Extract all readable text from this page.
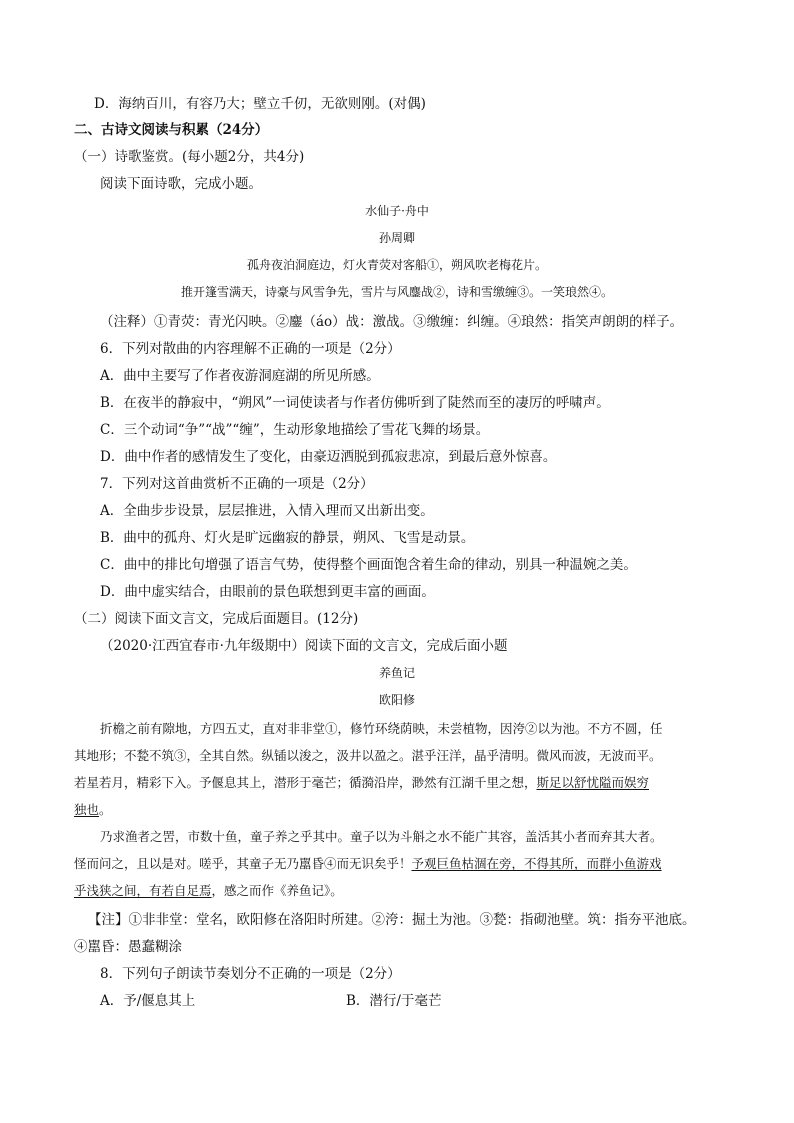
D．海纳百川，有容乃大；壁立千仞，无欲则刚。(对偶)
二、古诗文阅读与积累（24分）
（一）诗歌鉴赏。(每小题2分，共4分)
阅读下面诗歌，完成小题。
水仙子·舟中
孙周卿
孤舟夜泊洞庭边，灯火青荧对客船①，朔风吹老梅花片。
推开篷雪满天，诗豪与风雪争先，雪片与风鏖战②，诗和雪缴缠③。一笑琅然④。
（注释）①青荧：青光闪映。②鏖（áo）战：激战。③缴缠：纠缠。④琅然：指笑声朗朗的样子。
6．下列对散曲的内容理解不正确的一项是（2分）
A．曲中主要写了作者夜游洞庭湖的所见所感。
B．在夜半的静寂中，“朔风”一词使读者与作者仿佛听到了陡然而至的凄厉的呼啸声。
C．三个动词“争”“战”“缠”，生动形象地描绘了雪花飞舞的场景。
D．曲中作者的感情发生了变化，由豪迈洒脱到孤寂悲凉，到最后意外惊喜。
7．下列对这首曲赏析不正确的一项是（2分）
A．全曲步步设景，层层推进，入情入理而又出新出变。
B．曲中的孤舟、灯火是旷远幽寂的静景，朔风、飞雪是动景。
C．曲中的排比句增强了语言气势，使得整个画面饱含着生命的律动，别具一种温婉之美。
D．曲中虚实结合，由眼前的景色联想到更丰富的画面。
（二）阅读下面文言文，完成后面题目。(12分)
（2020·江西宜春市·九年级期中）阅读下面的文言文，完成后面小题
养鱼记
欧阳修
折檐之前有隙地，方四五丈，直对非非堂①，修竹环绕荫映，未尝植物，因洿②以为池。不方不圆，任
其地形；不甃不筑③，全其自然。纵锸以浚之，汲井以盈之。湛乎汪洋，晶乎清明。微风而波，无波而平。
若星若月，精彩下入。予偃息其上，潜形于毫芒；循漪沿岸，渺然有江湖千里之想，斯足以舒忧隘而娱穷
独也。
乃求渔者之罟，市数十鱼，童子养之乎其中。童子以为斗斛之水不能广其容，盖活其小者而弃其大者。
怪而问之，且以是对。嗟乎，其童子无乃嚚昏④而无识矣乎！予观巨鱼枯涸在旁，不得其所，而群小鱼游戏
乎浅狭之间，有若自足焉，感之而作《养鱼记》。
【注】①非非堂：堂名，欧阳修在洛阳时所建。②洿：掘土为池。③甃：指砌池壁。筑：指夯平池底。
④嚚昏：愚蠢糊涂
8．下列句子朗读节奏划分不正确的一项是（2分）
A．予/偃息其上	B．潜行/于毫芒
